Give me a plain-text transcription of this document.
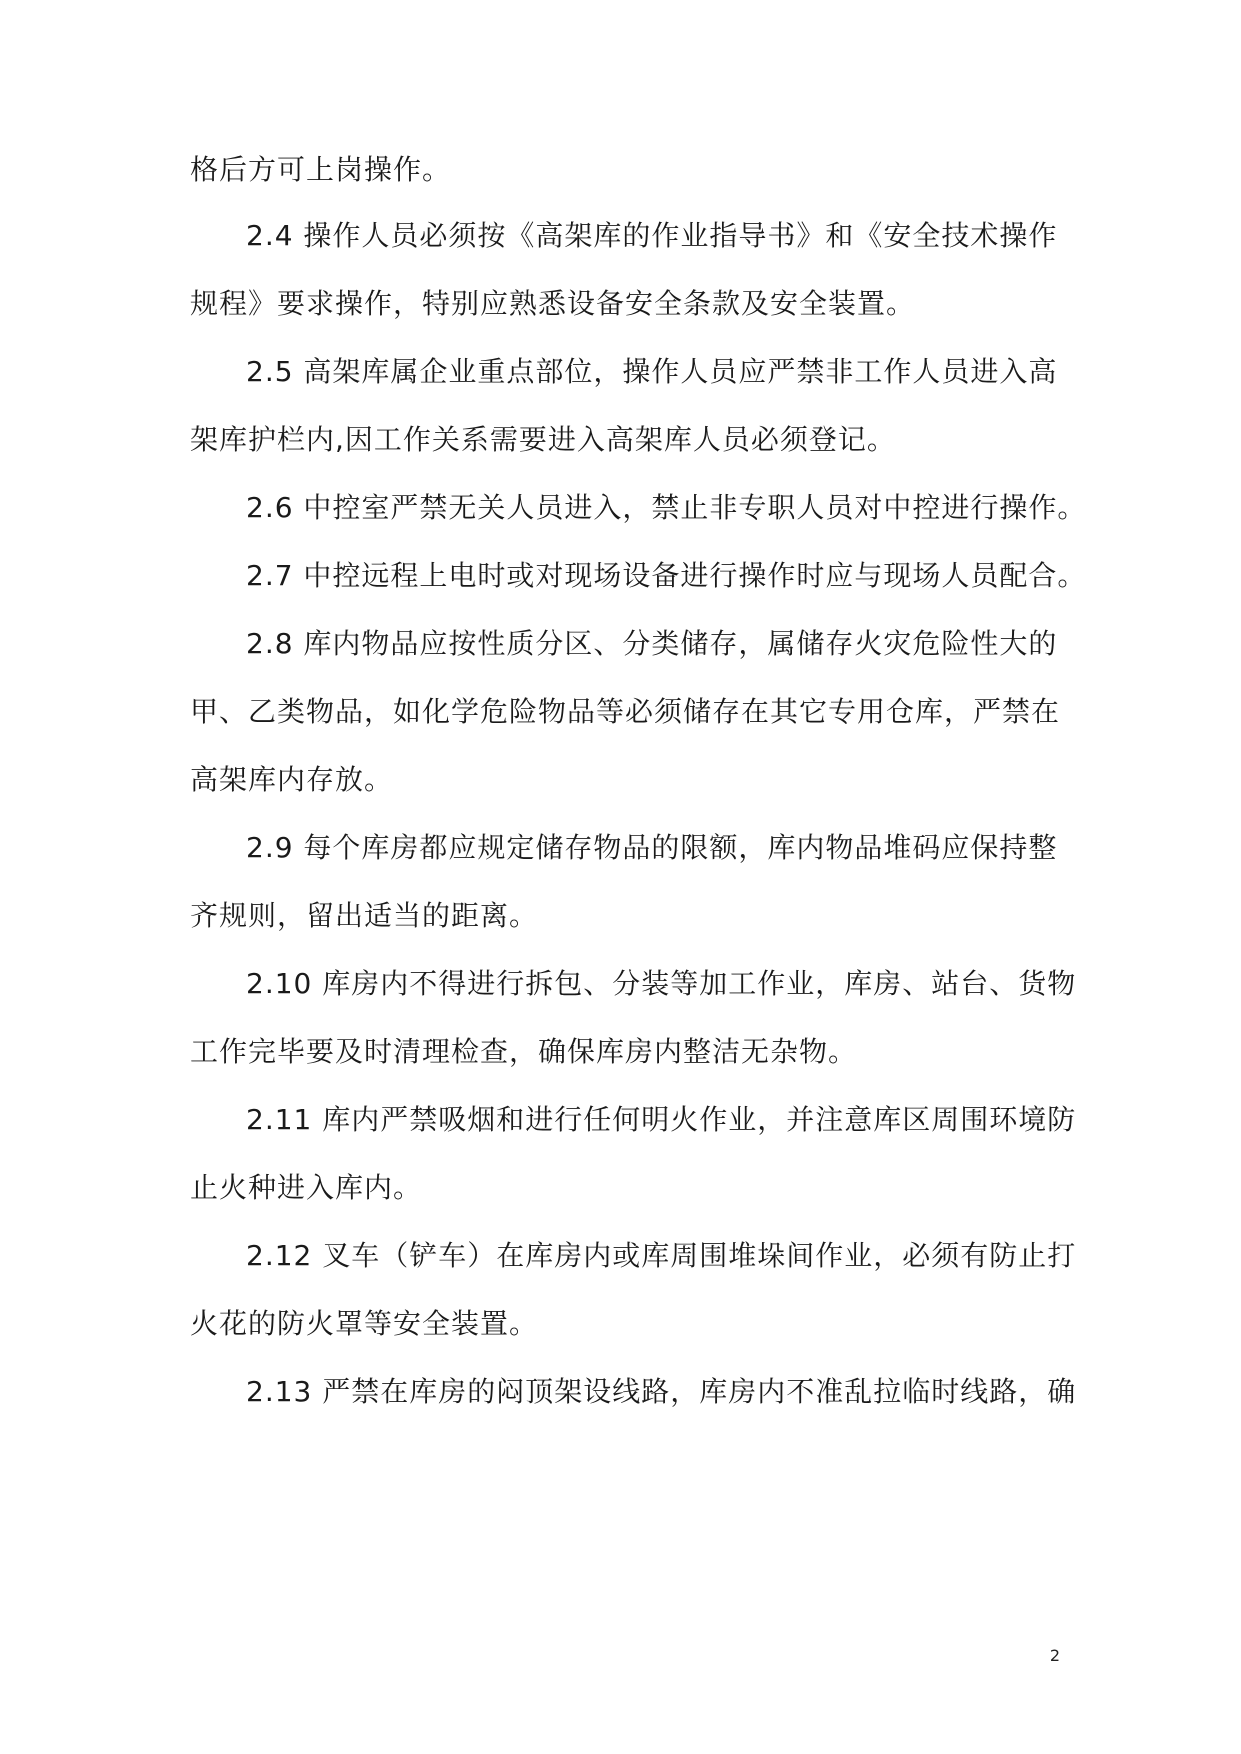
格后方可上岗操作。
2.4 操作人员必须按《高架库的作业指导书》和《安全技术操作
规程》要求操作，特别应熟悉设备安全条款及安全装置。
2.5 高架库属企业重点部位，操作人员应严禁非工作人员进入高
架库护栏内,因工作关系需要进入高架库人员必须登记。
2.6 中控室严禁无关人员进入，禁止非专职人员对中控进行操作。
2.7 中控远程上电时或对现场设备进行操作时应与现场人员配合。
2.8 库内物品应按性质分区、分类储存，属储存火灾危险性大的
甲、乙类物品，如化学危险物品等必须储存在其它专用仓库，严禁在
高架库内存放。
2.9 每个库房都应规定储存物品的限额，库内物品堆码应保持整
齐规则，留出适当的距离。
2.10 库房内不得进行拆包、分装等加工作业，库房、站台、货物
工作完毕要及时清理检查，确保库房内整洁无杂物。
2.11 库内严禁吸烟和进行任何明火作业，并注意库区周围环境防
止火种进入库内。
2.12 叉车（铲车）在库房内或库周围堆垛间作业，必须有防止打
火花的防火罩等安全装置。
2.13 严禁在库房的闷顶架设线路，库房内不准乱拉临时线路，确
2
